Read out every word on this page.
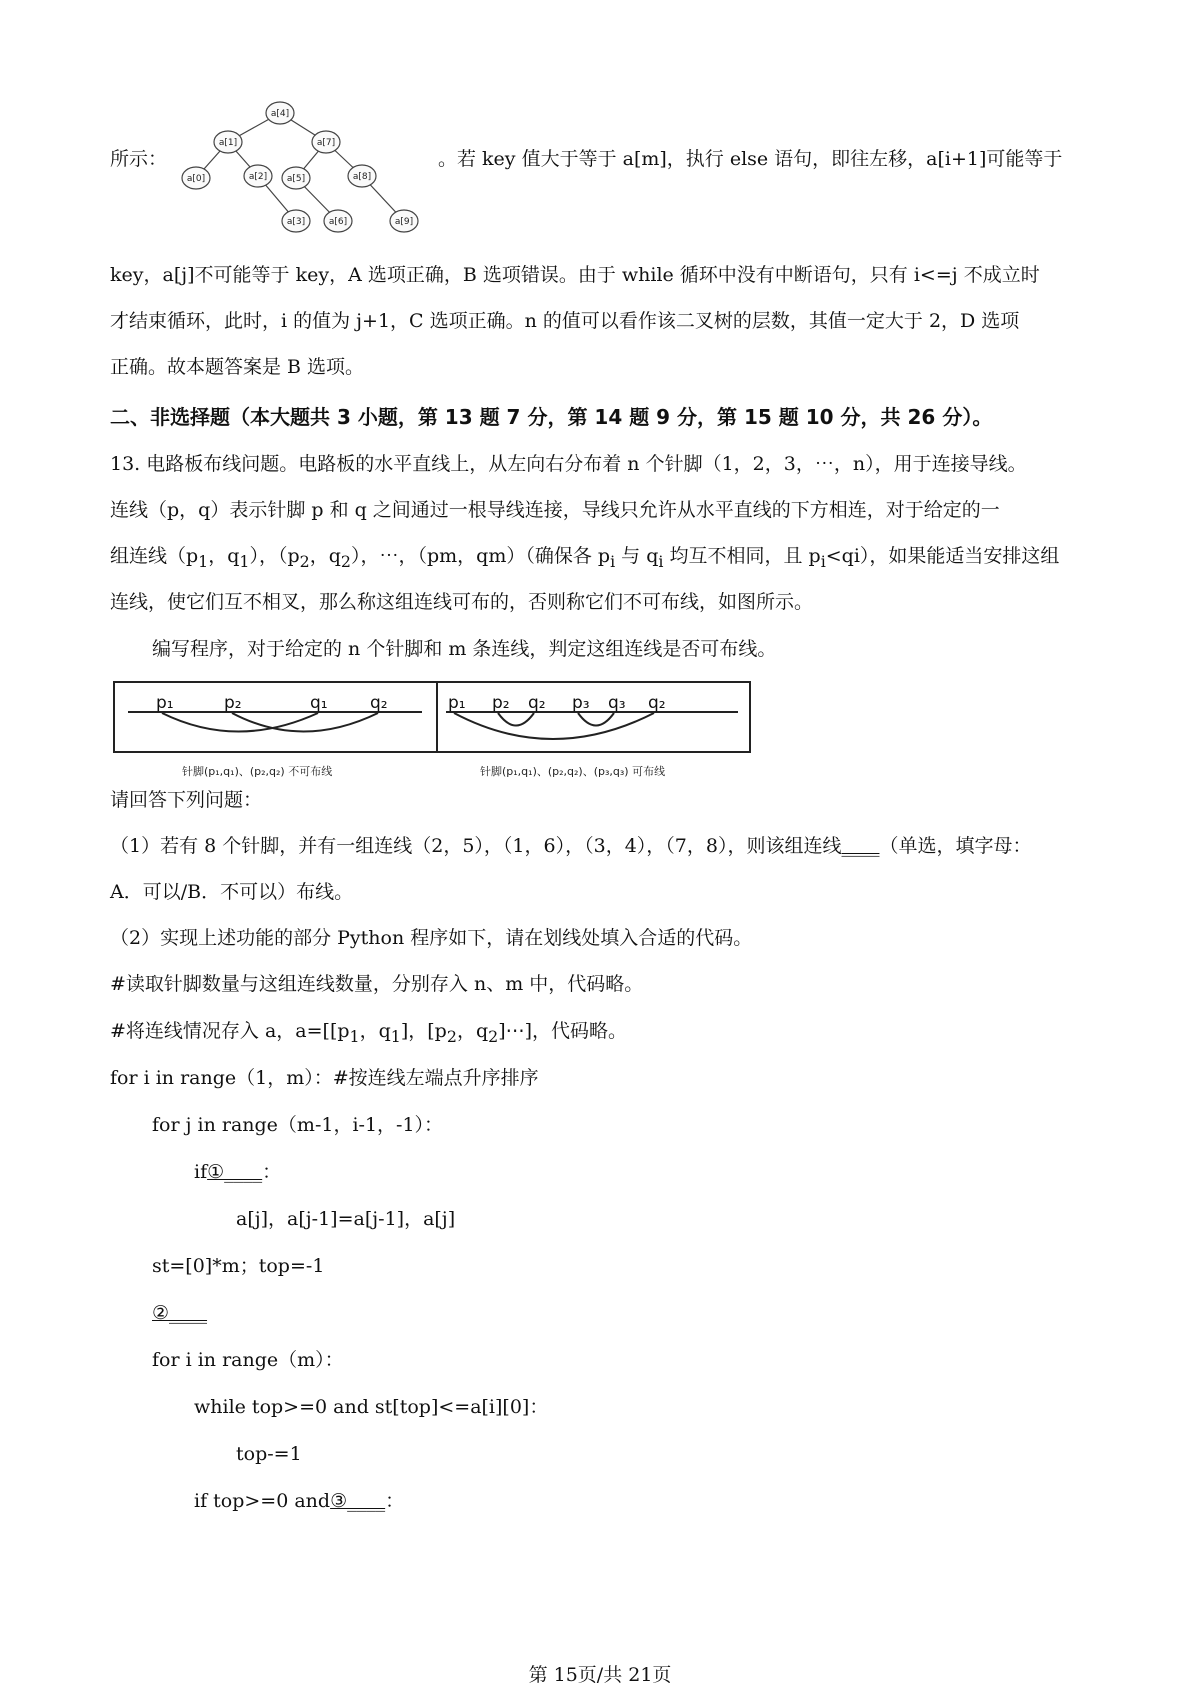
所示：
a[4]
a[1]	a[7]
a[0]	a[2] a[5]	a[8]
a[3]	a[6]	a[9]
。若 key 值大于等于 a[m]，执行 else 语句，即往左移，a[i+1]可能等于
key，a[j]不可能等于 key，A 选项正确，B 选项错误。由于 while 循环中没有中断语句，只有 i<=j 不成立时
才结束循环，此时，i 的值为 j+1，C 选项正确。n 的值可以看作该二叉树的层数，其值一定大于 2，D 选项
正确。故本题答案是 B 选项。
二、非选择题（本大题共 3 小题，第 13 题 7 分，第 14 题 9 分，第 15 题 10 分，共 26 分）。
13. 电路板布线问题。电路板的水平直线上，从左向右分布着 n 个针脚（1，2，3，⋯，n），用于连接导线。
连线（p，q）表示针脚 p 和 q 之间通过一根导线连接，导线只允许从水平直线的下方相连，对于给定的一
组连线（$p_1$，$q_1$），（$p_2$，$q_2$），⋯，（pm，qm）（确保各 $p_i$ 与 $q_i$ 均互不相同，且 $p_i<qi$），如果能适当安排这组
连线，使它们互不相叉，那么称这组连线可布的，否则称它们不可布线，如图所示。
编写程序，对于给定的 n 个针脚和 m 条连线，判定这组连线是否可布线。
p₁	p₂	q₁ q₂
针脚(p₁,q₁)、(p₂,q₂) 不可布线
p₁ p₂ q₂ p₃ q₃ q₂
针脚(p₁,q₁)、(p₂,q₂)、(p₃,q₃) 可布线
请回答下列问题：
（1）若有 8 个针脚，并有一组连线（2，5），（1，6），（3，4），（7，8），则该组连线____（单选，填字母：
A．可以/B．不可以）布线。
（2）实现上述功能的部分 Python 程序如下，请在划线处填入合适的代码。
#读取针脚数量与这组连线数量，分别存入 n、m 中，代码略。
#将连线情况存入 a，$a=[[p_1$，$q_1$]，[$p_2$，$q_2]\cdots$]，代码略。
for i in range（1，m）：#按连线左端点升序排序
for j in range（m-1，i-1，-1）：
if①____：
a[j]，a[j-1]=a[j-1]，a[j]
st=[0]*m；top=-1
②____
for i in range（m）：
while top>=0 and st[top]<=a[i][0]：
top-=1
if top>=0 and③____：
第 15页/共 21页
